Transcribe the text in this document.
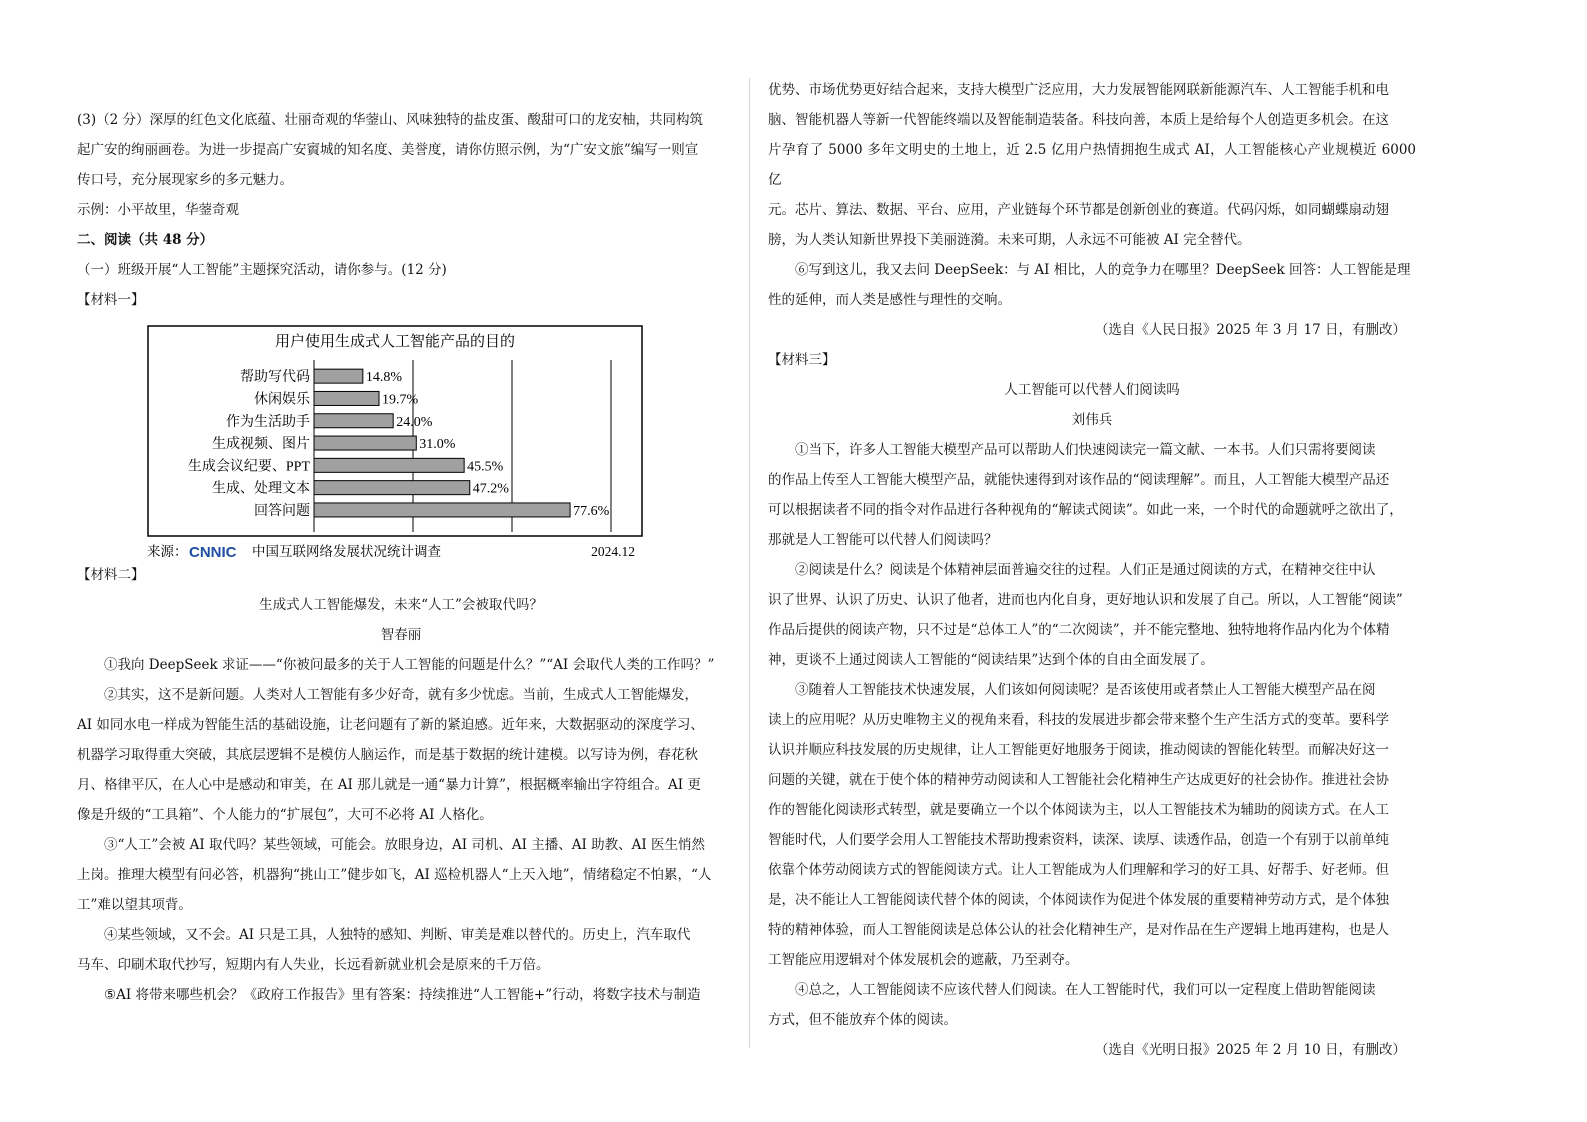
(3)（2 分）深厚的红色文化底蕴、壮丽奇观的华蓥山、风味独特的盐皮蛋、酸甜可口的龙安柚，共同构筑

起广安的绚丽画卷。为进一步提高广安賨城的知名度、美誉度，请你仿照示例，为“广安文旅”编写一则宣

传口号，充分展现家乡的多元魅力。

示例：小平故里，华蓥奇观

二、阅读（共 48 分）

（一）班级开展“人工智能”主题探究活动，请你参与。(12 分)

【材料一】

用户使用生成式人工智能产品的目的
帮助写代码	14.8%
休闲娱乐	19.7%
作为生活助手	24.0%
生成视频、图片	31.0%
生成会议纪要、PPT	45.5%
生成、处理文本	47.2%
回答问题	77.6%
来源： CNNIC 中国互联网络发展状况统计调查	2024.12

【材料二】

生成式人工智能爆发，未来“人工”会被取代吗？

智春丽

①我向 DeepSeek 求证——“你被问最多的关于人工智能的问题是什么？”“AI 会取代人类的工作吗？”

②其实，这不是新问题。人类对人工智能有多少好奇，就有多少忧虑。当前，生成式人工智能爆发，

AI 如同水电一样成为智能生活的基础设施，让老问题有了新的紧迫感。近年来，大数据驱动的深度学习、

机器学习取得重大突破，其底层逻辑不是模仿人脑运作，而是基于数据的统计建模。以写诗为例，春花秋

月、格律平仄，在人心中是感动和审美，在 AI 那儿就是一通“暴力计算”，根据概率输出字符组合。AI 更

像是升级的“工具箱”、个人能力的“扩展包”，大可不必将 AI 人格化。

③“人工”会被 AI 取代吗？某些领域，可能会。放眼身边，AI 司机、AI 主播、AI 助教、AI 医生悄然

上岗。推理大模型有问必答，机器狗“挑山工”健步如飞，AI 巡检机器人“上天入地”，情绪稳定不怕累，“人

工”难以望其项背。

④某些领域，又不会。AI 只是工具，人独特的感知、判断、审美是难以替代的。历史上，汽车取代

马车、印刷术取代抄写，短期内有人失业，长远看新就业机会是原来的千万倍。

⑤AI 将带来哪些机会？《政府工作报告》里有答案：持续推进“人工智能+”行动，将数字技术与制造

优势、市场优势更好结合起来，支持大模型广泛应用，大力发展智能网联新能源汽车、人工智能手机和电

脑、智能机器人等新一代智能终端以及智能制造装备。科技向善，本质上是给每个人创造更多机会。在这

片孕育了 5000 多年文明史的土地上，近 2.5 亿用户热情拥抱生成式 AI，人工智能核心产业规模近 6000 亿

元。芯片、算法、数据、平台、应用，产业链每个环节都是创新创业的赛道。代码闪烁，如同蝴蝶扇动翅

膀，为人类认知新世界投下美丽涟漪。未来可期，人永远不可能被 AI 完全替代。

⑥写到这儿，我又去问 DeepSeek：与 AI 相比，人的竞争力在哪里？DeepSeek 回答：人工智能是理

性的延伸，而人类是感性与理性的交响。

（选自《人民日报》2025 年 3 月 17 日，有删改）

【材料三】

人工智能可以代替人们阅读吗

刘伟兵

①当下，许多人工智能大模型产品可以帮助人们快速阅读完一篇文献、一本书。人们只需将要阅读

的作品上传至人工智能大模型产品，就能快速得到对该作品的“阅读理解”。而且，人工智能大模型产品还

可以根据读者不同的指令对作品进行各种视角的“解读式阅读”。如此一来，一个时代的命题就呼之欲出了，

那就是人工智能可以代替人们阅读吗？

②阅读是什么？阅读是个体精神层面普遍交往的过程。人们正是通过阅读的方式，在精神交往中认

识了世界、认识了历史、认识了他者，进而也内化自身，更好地认识和发展了自己。所以，人工智能“阅读”

作品后提供的阅读产物，只不过是“总体工人”的“二次阅读”，并不能完整地、独特地将作品内化为个体精

神，更谈不上通过阅读人工智能的“阅读结果”达到个体的自由全面发展了。

③随着人工智能技术快速发展，人们该如何阅读呢？是否该使用或者禁止人工智能大模型产品在阅

读上的应用呢？从历史唯物主义的视角来看，科技的发展进步都会带来整个生产生活方式的变革。要科学

认识并顺应科技发展的历史规律，让人工智能更好地服务于阅读，推动阅读的智能化转型。而解决好这一

问题的关键，就在于使个体的精神劳动阅读和人工智能社会化精神生产达成更好的社会协作。推进社会协

作的智能化阅读形式转型，就是要确立一个以个体阅读为主，以人工智能技术为辅助的阅读方式。在人工

智能时代，人们要学会用人工智能技术帮助搜索资料，读深、读厚、读透作品，创造一个有别于以前单纯

依靠个体劳动阅读方式的智能阅读方式。让人工智能成为人们理解和学习的好工具、好帮手、好老师。但

是，决不能让人工智能阅读代替个体的阅读，个体阅读作为促进个体发展的重要精神劳动方式，是个体独

特的精神体验，而人工智能阅读是总体公认的社会化精神生产，是对作品在生产逻辑上地再建构，也是人

工智能应用逻辑对个体发展机会的遮蔽，乃至剥夺。

④总之，人工智能阅读不应该代替人们阅读。在人工智能时代，我们可以一定程度上借助智能阅读

方式，但不能放弃个体的阅读。

（选自《光明日报》2025 年 2 月 10 日，有删改）
